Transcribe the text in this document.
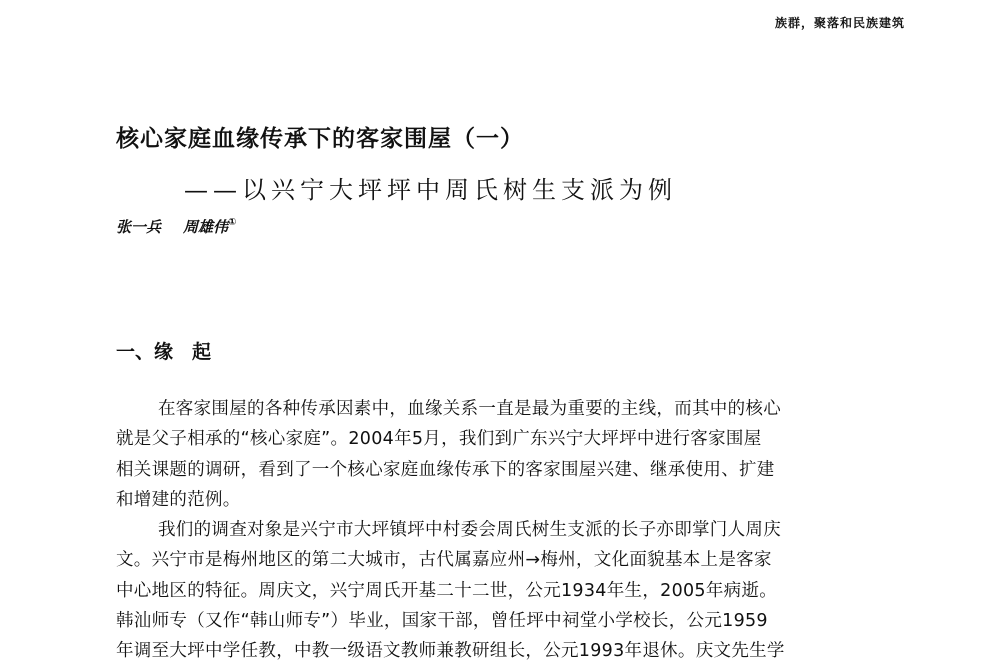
族群，聚落和民族建筑
核心家庭血缘传承下的客家围屋（一）
——以兴宁大坪坪中周氏树生支派为例
张一兵 周雄伟①
一、缘　起
在客家围屋的各种传承因素中，血缘关系一直是最为重要的主线，而其中的核心
就是父子相承的“核心家庭”。2004年5月，我们到广东兴宁大坪坪中进行客家围屋
相关课题的调研，看到了一个核心家庭血缘传承下的客家围屋兴建、继承使用、扩建
和增建的范例。
我们的调查对象是兴宁市大坪镇坪中村委会周氏树生支派的长子亦即掌门人周庆
文。兴宁市是梅州地区的第二大城市，古代属嘉应州→梅州，文化面貌基本上是客家
中心地区的特征。周庆文，兴宁周氏开基二十二世，公元1934年生，2005年病逝。
韩汕师专（又作“韩山师专”）毕业，国家干部，曾任坪中祠堂小学校长，公元1959
年调至大坪中学任教，中教一级语文教师兼教研组长，公元1993年退休。庆文先生学
